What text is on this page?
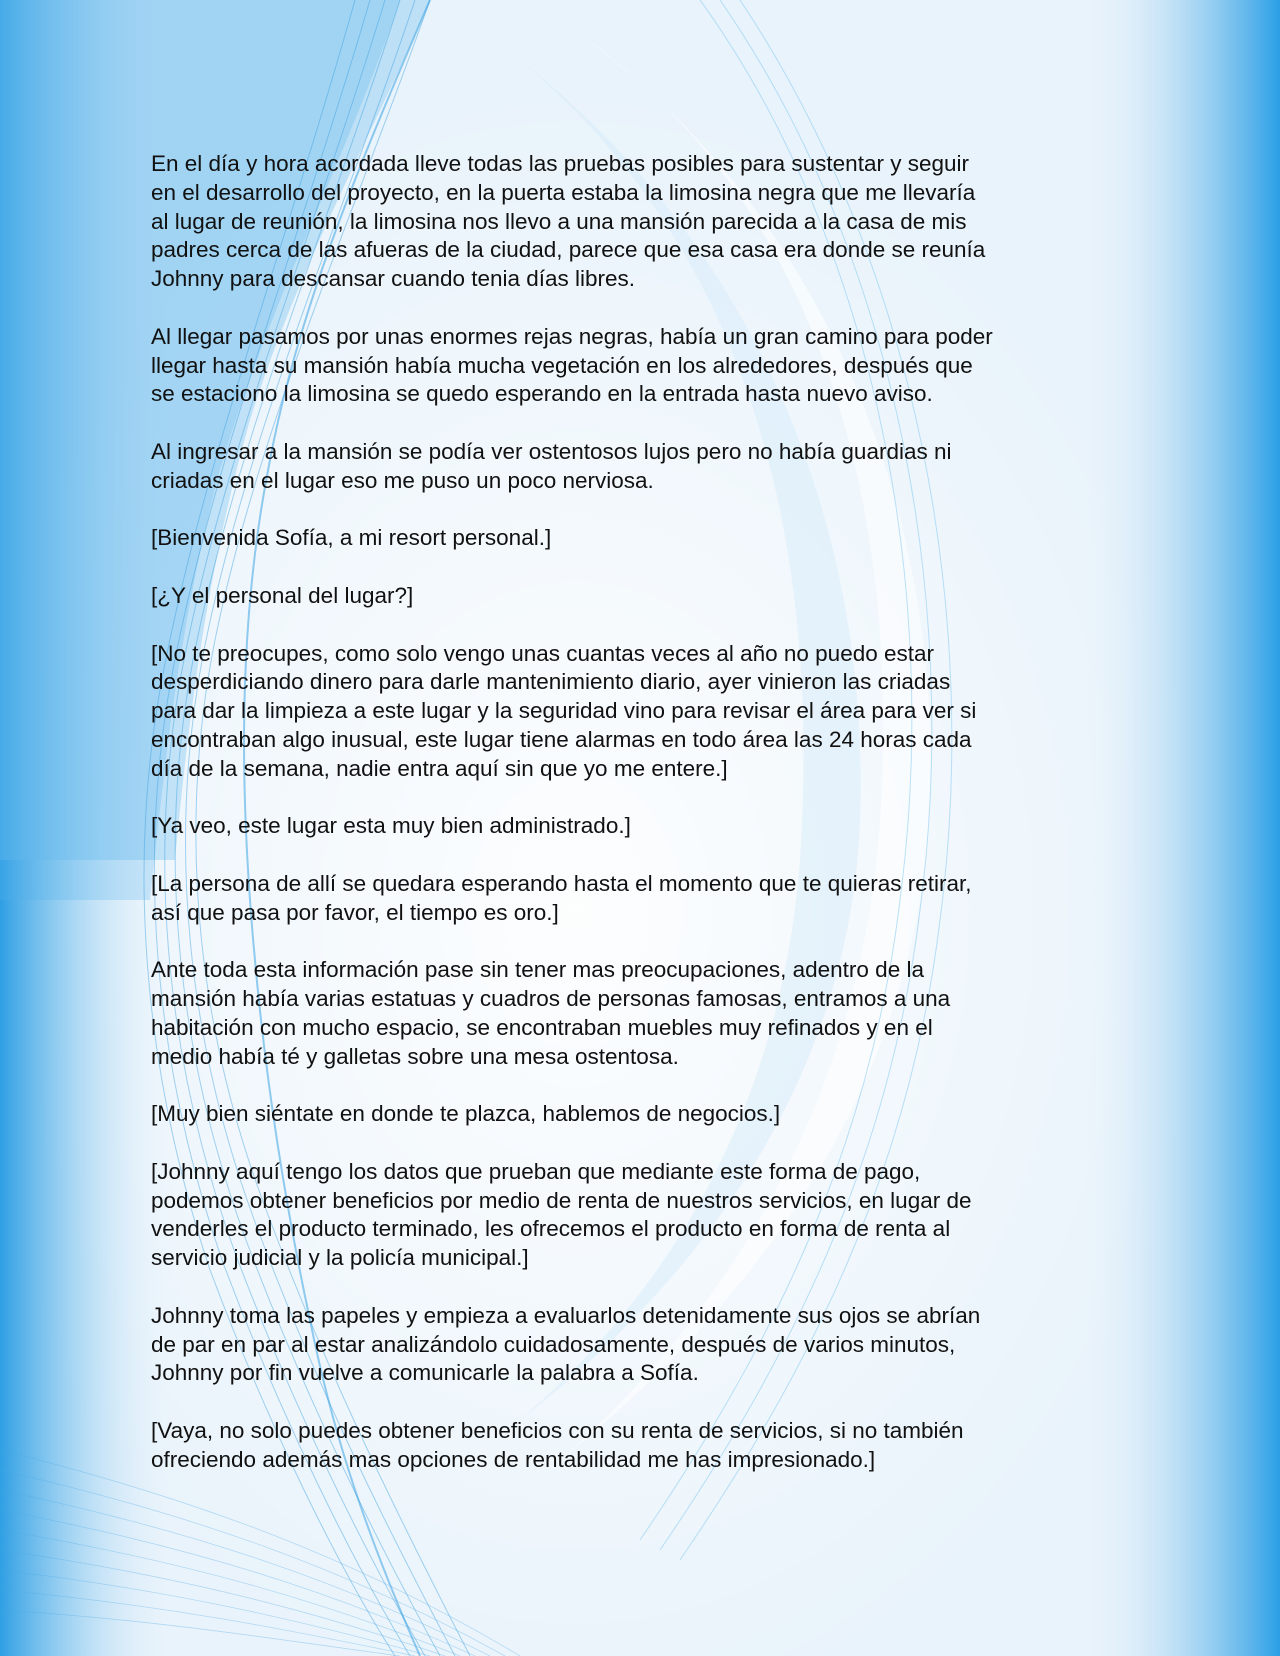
En el día y hora acordada lleve todas las pruebas posibles para sustentar y seguir
en el desarrollo del proyecto, en la puerta estaba la limosina negra que me llevaría
al lugar de reunión, la limosina nos llevo a una mansión parecida a la casa de mis
padres cerca de las afueras de la ciudad, parece que esa casa era donde se reunía
Johnny para descansar cuando tenia días libres.

Al llegar pasamos por unas enormes rejas negras, había un gran camino para poder
llegar hasta su mansión había mucha vegetación en los alrededores, después que
se estaciono la limosina se quedo esperando en la entrada hasta nuevo aviso.

Al ingresar a la mansión se podía ver ostentosos lujos pero no había guardias ni
criadas en el lugar eso me puso un poco nerviosa.

[Bienvenida Sofía, a mi resort personal.]

[¿Y el personal del lugar?]

[No te preocupes, como solo vengo unas cuantas veces al año no puedo estar
desperdiciando dinero para darle mantenimiento diario, ayer vinieron las criadas
para dar la limpieza a este lugar y la seguridad vino para revisar el área para ver si
encontraban algo inusual, este lugar tiene alarmas en todo área las 24 horas cada
día de la semana, nadie entra aquí sin que yo me entere.]

[Ya veo, este lugar esta muy bien administrado.]

[La persona de allí se quedara esperando hasta el momento que te quieras retirar,
así que pasa por favor, el tiempo es oro.]

Ante toda esta información pase sin tener mas preocupaciones, adentro de la
mansión había varias estatuas y cuadros de personas famosas, entramos a una
habitación con mucho espacio, se encontraban muebles muy refinados y en el
medio había té y galletas sobre una mesa ostentosa.

[Muy bien siéntate en donde te plazca, hablemos de negocios.]

[Johnny aquí tengo los datos que prueban que mediante este forma de pago,
podemos obtener beneficios por medio de renta de nuestros servicios, en lugar de
venderles el producto terminado, les ofrecemos el producto en forma de renta al
servicio judicial y la policía municipal.]

Johnny toma las papeles y empieza a evaluarlos detenidamente sus ojos se abrían
de par en par al estar analizándolo cuidadosamente, después de varios minutos,
Johnny por fin vuelve a comunicarle la palabra a Sofía.

[Vaya, no solo puedes obtener beneficios con su renta de servicios, si no también
ofreciendo además mas opciones de rentabilidad me has impresionado.]
